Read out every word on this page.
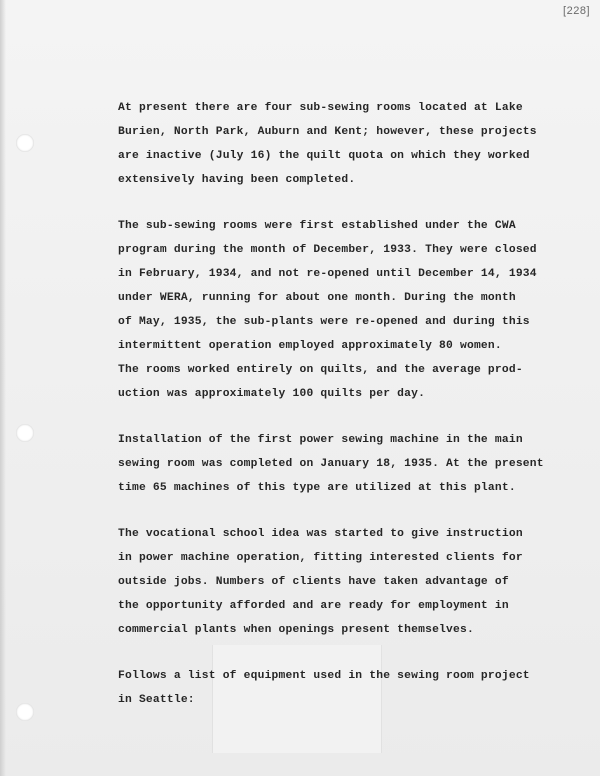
[228]
At present there are four sub-sewing rooms located at Lake
Burien, North Park, Auburn and Kent; however, these projects
are inactive (July 16) the quilt quota on which they worked
extensively having been completed.
The sub-sewing rooms were first established under the CWA
program during the month of December, 1933. They were closed
in February, 1934, and not re-opened until December 14, 1934
under WERA, running for about one month. During the month
of May, 1935, the sub-plants were re-opened and during this
intermittent operation employed approximately 80 women.
The rooms worked entirely on quilts, and the average prod-
uction was approximately 100 quilts per day.
Installation of the first power sewing machine in the main
sewing room was completed on January 18, 1935. At the present
time 65 machines of this type are utilized at this plant.
The vocational school idea was started to give instruction
in power machine operation, fitting interested clients for
outside jobs. Numbers of clients have taken advantage of
the opportunity afforded and are ready for employment in
commercial plants when openings present themselves.
Follows a list of equipment used in the sewing room project
in Seattle:
